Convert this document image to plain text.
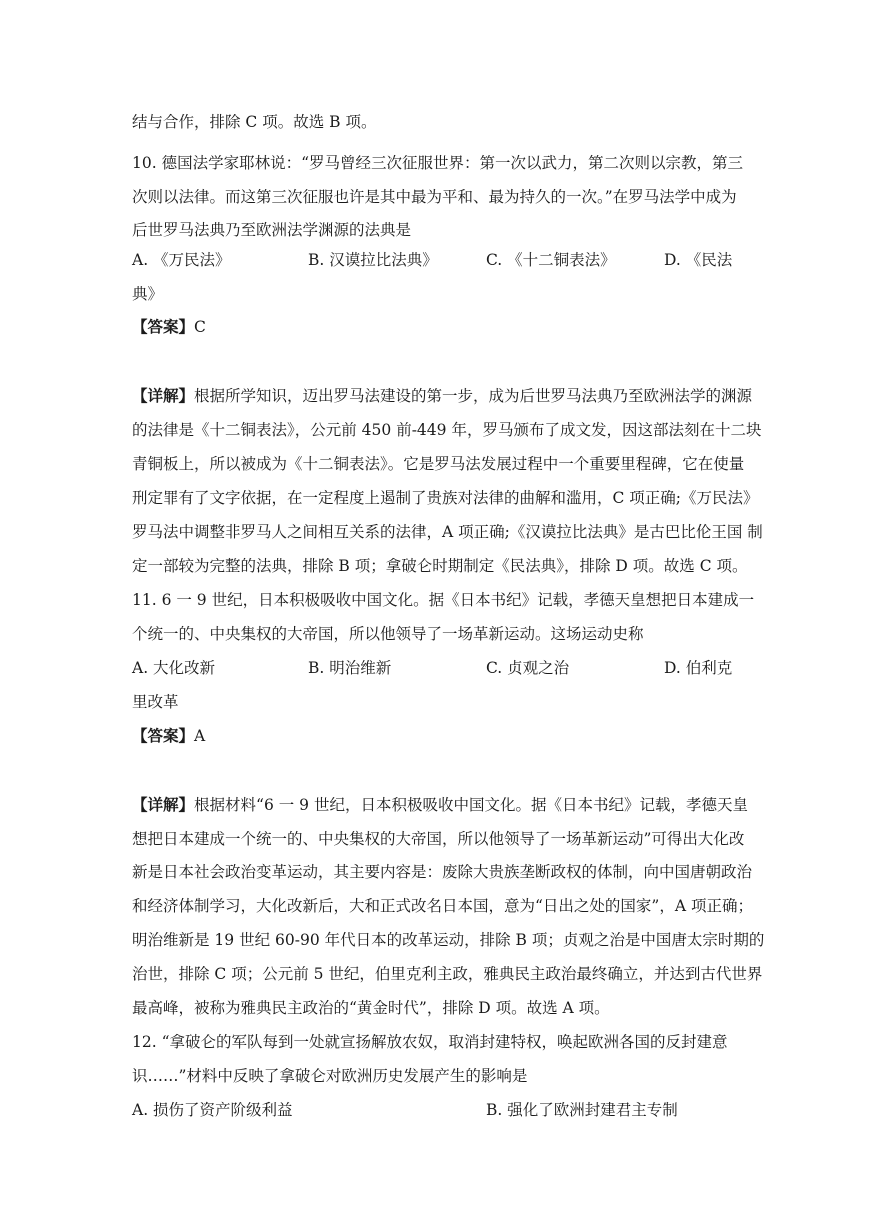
结与合作，排除 C 项。故选 B 项。
10. 德国法学家耶林说：“罗马曾经三次征服世界：第一次以武力，第二次则以宗教，第三
次则以法律。而这第三次征服也许是其中最为平和、最为持久的一次。”在罗马法学中成为
后世罗马法典乃至欧洲法学渊源的法典是
A. 《万民法》	B. 汉谟拉比法典》	C. 《十二铜表法》	D. 《民法
典》
【答案】C
【详解】根据所学知识，迈出罗马法建设的第一步，成为后世罗马法典乃至欧洲法学的渊源
的法律是《十二铜表法》，公元前 450 前-449 年，罗马颁布了成文发，因这部法刻在十二块
青铜板上，所以被成为《十二铜表法》。它是罗马法发展过程中一个重要里程碑，它在使量
刑定罪有了文字依据，在一定程度上遏制了贵族对法律的曲解和滥用，C 项正确;《万民法》
罗马法中调整非罗马人之间相互关系的法律，A 项正确;《汉谟拉比法典》是古巴比伦王国 制
定一部较为完整的法典，排除 B 项；拿破仑时期制定《民法典》，排除 D 项。故选 C 项。
11. 6 一 9 世纪，日本积极吸收中国文化。据《日本书纪》记载，孝德天皇想把日本建成一
个统一的、中央集权的大帝国，所以他领导了一场革新运动。这场运动史称
A. 大化改新	B. 明治维新	C. 贞观之治	D. 伯利克
里改革
【答案】A
【详解】根据材料“6 一 9 世纪，日本积极吸收中国文化。据《日本书纪》记载，孝德天皇
想把日本建成一个统一的、中央集权的大帝国，所以他领导了一场革新运动”可得出大化改
新是日本社会政治变革运动，其主要内容是：废除大贵族垄断政权的体制，向中国唐朝政治
和经济体制学习，大化改新后，大和正式改名日本国，意为“日出之处的国家”，A 项正确；
明治维新是 19 世纪 60-90 年代日本的改革运动，排除 B 项；贞观之治是中国唐太宗时期的
治世，排除 C 项；公元前 5 世纪，伯里克利主政，雅典民主政治最终确立，并达到古代世界
最高峰，被称为雅典民主政治的“黄金时代”，排除 D 项。故选 A 项。
12. “拿破仑的军队每到一处就宣扬解放农奴，取消封建特权，唤起欧洲各国的反封建意
识……”材料中反映了拿破仑对欧洲历史发展产生的影响是
A. 损伤了资产阶级利益	B. 强化了欧洲封建君主专制
